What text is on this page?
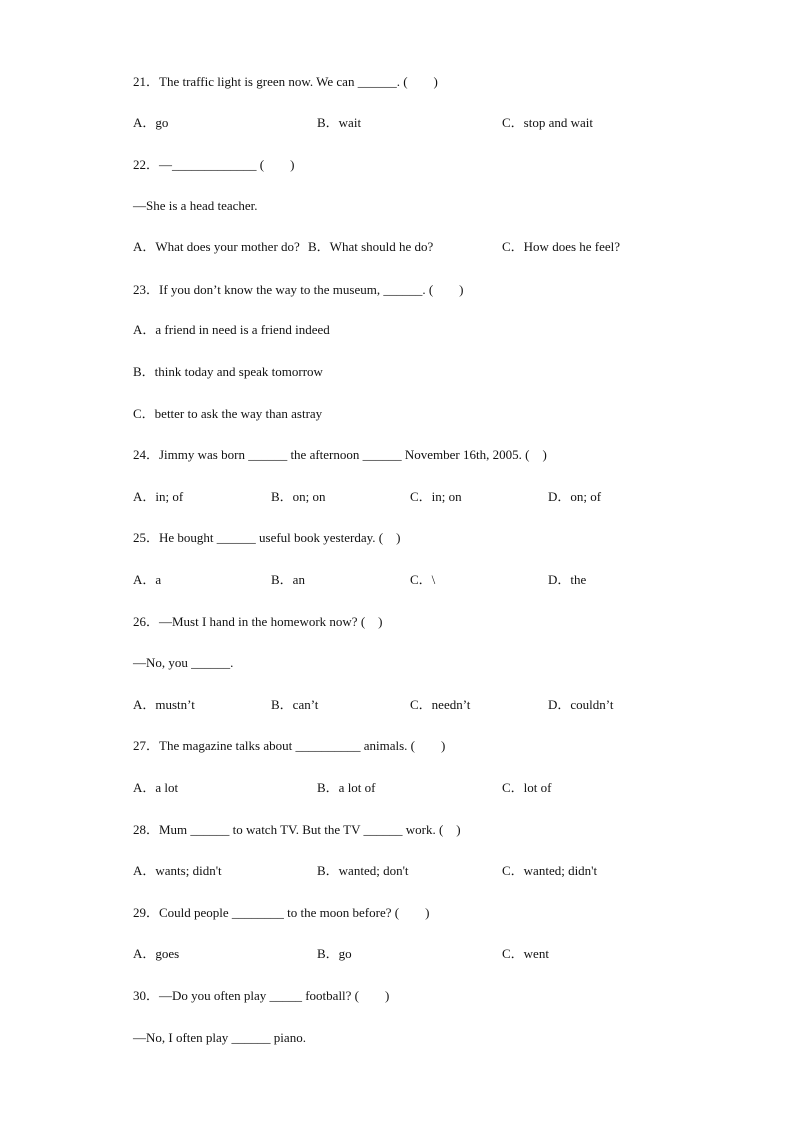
21．The traffic light is green now. We can ______. (　　)
A．go	B．wait	C．stop and wait
22．—_____________ (　　)
—She is a head teacher.
A．What does your mother do? B．What should he do?	C．How does he feel?
23．If you don’t know the way to the museum, ______. (　　)
A．a friend in need is a friend indeed
B．think today and speak tomorrow
C．better to ask the way than astray
24．Jimmy was born ______ the afternoon ______ November 16th, 2005. (　)
A．in; of	B．on; on	C．in; on	D．on; of
25．He bought ______ useful book yesterday. (　)
A．a	B．an	C．\	D．the
26．—Must I hand in the homework now? (　)
—No, you ______.
A．mustn’t	B．can’t	C．needn’t	D．couldn’t
27．The magazine talks about __________ animals. (　　)
A．a lot	B．a lot of	C．lot of
28．Mum ______ to watch TV. But the TV ______ work. (　)
A．wants; didn't	B．wanted; don't	C．wanted; didn't
29．Could people ________ to the moon before? (　　)
A．goes	B．go	C．went
30．—Do you often play _____ football? (　　)
—No, I often play ______ piano.
